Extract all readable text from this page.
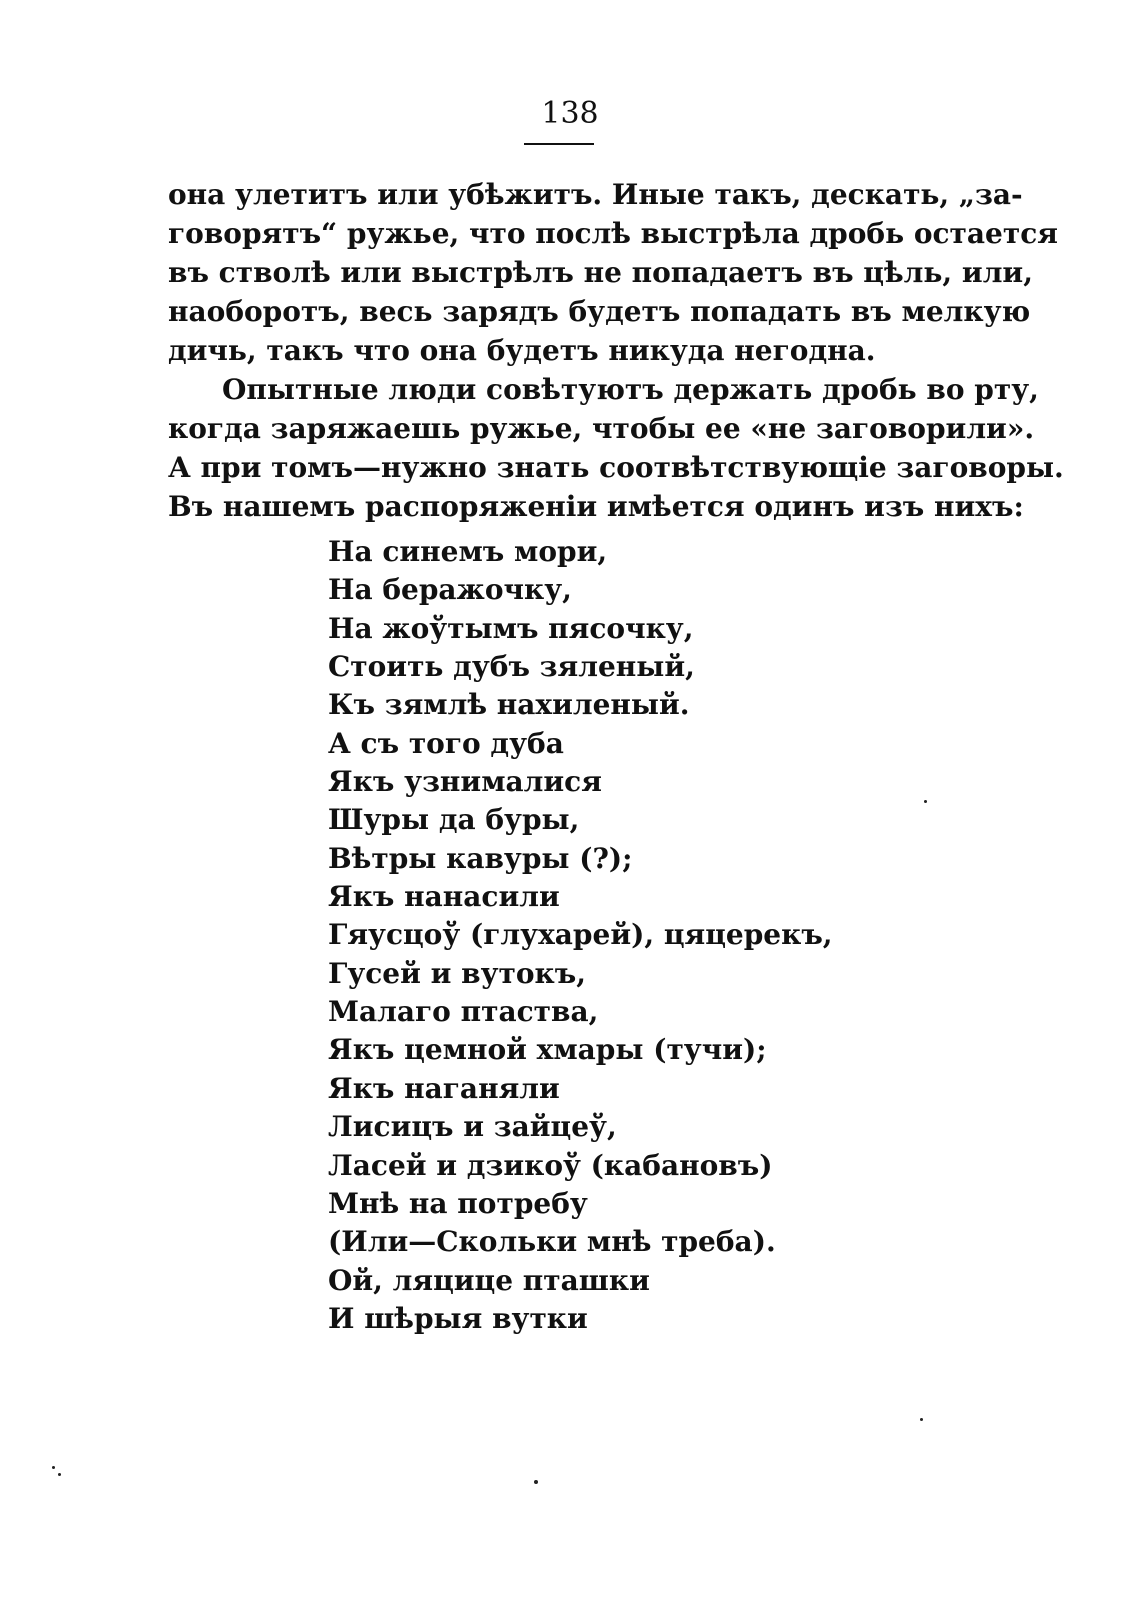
138
она улетитъ или убѣжитъ. Иные такъ, дескать, „за-
говорятъ“ ружье, что послѣ выстрѣла дробь остается
въ стволѣ или выстрѣлъ не попадаетъ въ цѣль, или,
наоборотъ, весь зарядъ будетъ попадать въ мелкую
дичь, такъ что она будетъ никуда негодна.
Опытные люди совѣтуютъ держать дробь во рту,
когда заряжаешь ружье, чтобы ее «не заговорили».
А при томъ—нужно знать соотвѣтствующіе заговоры.
Въ нашемъ распоряженіи имѣется одинъ изъ нихъ:
На синемъ мори,
На беражочку,
На жоўтымъ пясочку,
Стоить дубъ зяленый,
Къ зямлѣ нахиленый.
А съ того дуба
Якъ узнималися
Шуры да буры,
Вѣтры кавуры (?);
Якъ нанасили
Гяусцоў (глухарей), цяцерекъ,
Гусей и вутокъ,
Малаго птаства,
Якъ цемной хмары (тучи);
Якъ наганяли
Лисицъ и зайцеў,
Ласей и дзикоў (кабановъ)
Мнѣ на потребу
(Или—Скольки мнѣ треба).
Ой, ляцице пташки
И шѣрыя вутки
